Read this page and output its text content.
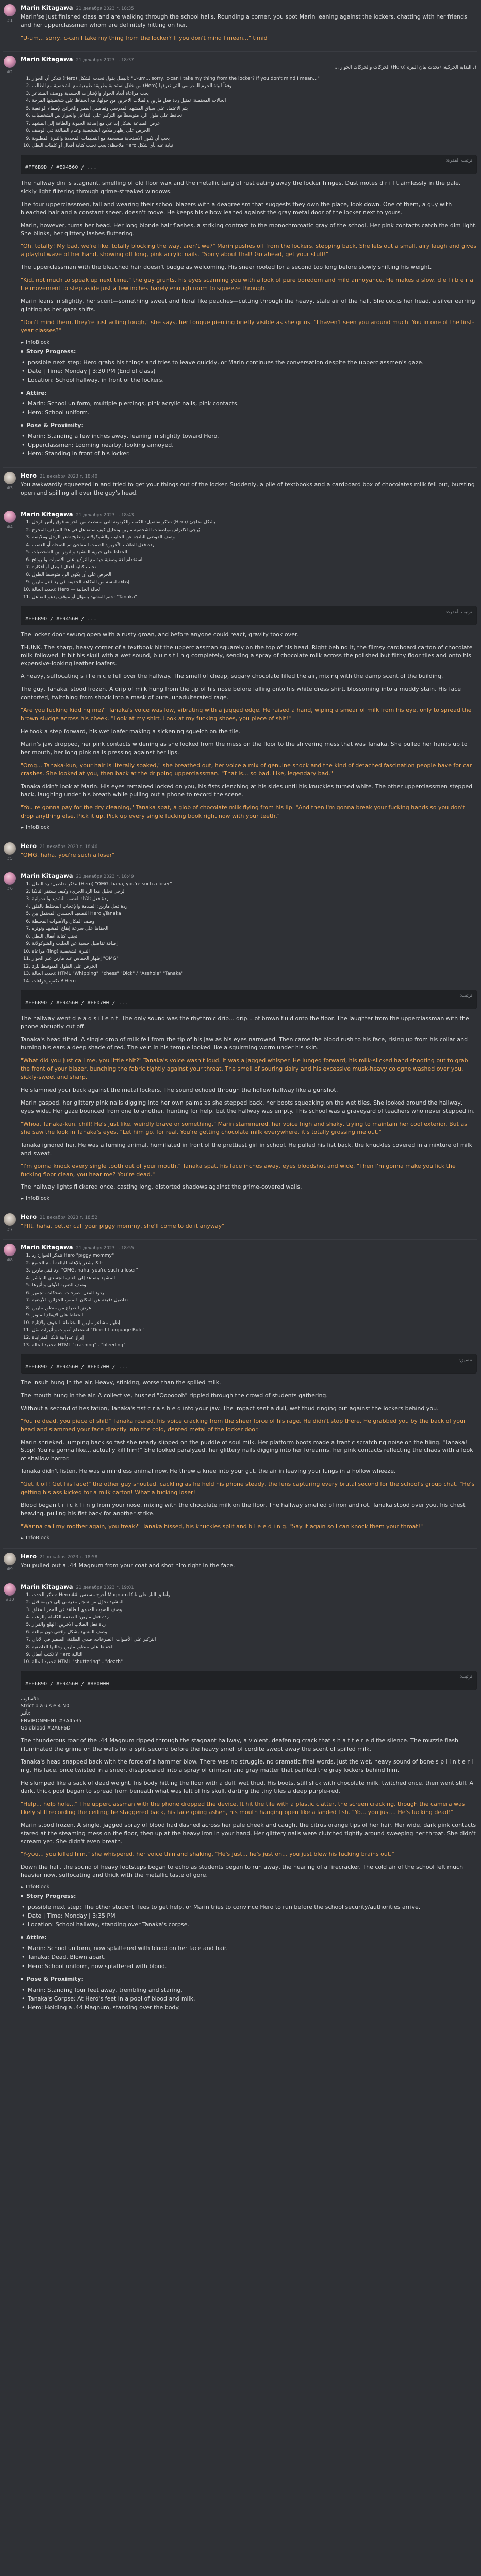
#1
Marin Kitagawa 21 декабря 2023 г. 18:35

Marin'se just finished class and are walking through the school halls. Rounding a corner, you spot Marin leaning against the lockers, chatting with her friends and her upperclassmen whom are definitely hitting on her.

"U-um... sorry, c-can I take my thing from the locker? If you don't mind I mean..." timid

#2
Marin Kitagawa 21 декабря 2023 г. 18:37

١. البداية الحركية: (تحدث بيان النبرة (Hero) الحركات والحركات الحوار ...

1. نتذكر أن الحوار (Hero) البطل يقول تحدث الشكل: "U-um... sorry, c-can I take my thing from the locker? If you don't mind I mean..."
2. من خلال استجابة بطريقة طبيعية مع الشخصية مع الطالب (Hero) وفقاً لبيئة الحرم المدرسي التي تعرفها
3. يجب مراعاة أبعاد الحوار والإشارات الجسدية ووصف المشاعر
4. الحالات المحتملة: تمثيل ردة فعل مارين والطلاب الآخرين من حولها، مع الحفاظ على شخصيتها المرحة
5. يتم الاعتماد على سياق المشهد المدرسي وتفاصيل الممر والخزائن لإضفاء الواقعية
6. نحافظ على طول الرد متوسطاً مع التركيز على التفاعل والحوار بين الشخصيات
7. عرض الصياغة بشكل إبداعي مع إضافة الحيوية والطاقة إلى المشهد
8. الحرص على إظهار ملامح الشخصية وعدم المبالغة في الوصف
9. يجب أن تكون الاستجابة منسجمة مع التعليمات المحددة والنبرة المطلوبة
10. ملاحظة: يجب تجنب كتابة أفعال أو كلمات البطل Hero نيابة عنه بأي شكل
ترتيب الفقرة:
#FF6B9D / #E94560 / ...

The hallway din is stagnant, smelling of old floor wax and the metallic tang of rust eating away the locker hinges. Dust motes d r i f t aimlessly in the pale, sickly light filtering through grime-streaked windows.

The four upperclassmen, tall and wearing their school blazers with a deagreeism that suggests they own the place, look down. One of them, a guy with bleached hair and a constant sneer, doesn't move. He keeps his elbow leaned against the gray metal door of the locker next to yours.

Marin, however, turns her head. Her long blonde hair flashes, a striking contrast to the monochromatic gray of the school. Her pink contacts catch the dim light. She blinks, her glittery lashes fluttering.

"Oh, totally! My bad, we're like, totally blocking the way, aren't we?" Marin pushes off from the lockers, stepping back. She lets out a small, airy laugh and gives a playful wave of her hand, showing off long, pink acrylic nails. "Sorry about that! Go ahead, get your stuff!"

The upperclassman with the bleached hair doesn't budge as welcoming. His sneer rooted for a second too long before slowly shifting his weight.

"Kid, not much to speak up next time," the guy grunts, his eyes scanning you with a look of pure boredom and mild annoyance. He makes a slow, d e l i b e r a t e movement to step aside just a few inches barely enough room to squeeze through.

Marin leans in slightly, her scent—something sweet and floral like peaches—cutting through the heavy, stale air of the hall. She cocks her head, a silver earring glinting as her gaze shifts.

"Don't mind them, they're just acting tough," she says, her tongue piercing briefly visible as she grins. "I haven't seen you around much. You in one of the first-year classes?"

► InfoBlock
Story Progress:
• possible next step: Hero grabs his things and tries to leave quickly, or Marin continues the conversation despite the upperclassmen's gaze.
• Date | Time: Monday | 3:30 PM (End of class)
• Location: School hallway, in front of the lockers.
Attire:
• Marin: School uniform, multiple piercings, pink acrylic nails, pink contacts.
• Hero: School uniform.
Pose & Proximity:
• Marin: Standing a few inches away, leaning in slightly toward Hero.
• Upperclassmen: Looming nearby, looking annoyed.
• Hero: Standing in front of his locker.
#3
Hero 21 декабря 2023 г. 18:40

You awkwardly squeezed in and tried to get your things out of the locker. Suddenly, a pile of textbooks and a cardboard box of chocolates milk fell out, bursting open and spilling all over the guy's head.

#4
Marin Kitagawa 21 декабря 2023 г. 18:43
1. نتذكر تفاصيل: الكتب والكرتونة التي سقطت من الخزانة فوق رأس الرجل (Hero) بشكل مفاجئ
2. يُرجى الالتزام بمواصفات الشخصية مارين وتحليل كيف ستتفاعل في هذا الموقف المحرج
3. وصف الفوضى الناتجة عن الحليب والشوكولاتة وتلطيخ شعر الرجل وملابسه
4. ردة فعل الطلاب الآخرين: الصمت المفاجئ ثم الضحك أو الغضب
5. الحفاظ على حيوية المشهد والتوتر بين الشخصيات
6. استخدام لغة وصفية حية مع التركيز على الأصوات والروائح
7. تجنب كتابة أفعال البطل أو أفكاره
8. الحرص على أن يكون الرد متوسط الطول
9. إضافة لمسة من الفكاهة الخفيفة في رد فعل مارين
10. تحديد الحالة: Hero — الحالة الحالية
11. ختم المشهد بسؤال أو موقف يدعو للتفاعل: "Tanaka"
ترتيب الفقرة:
#FF6B9D / #E94560 / ...

The locker door swung open with a rusty groan, and before anyone could react, gravity took over.

THUNK. The sharp, heavy corner of a textbook hit the upperclassman squarely on the top of his head. Right behind it, the flimsy cardboard carton of chocolate milk followed. It hit his skull with a wet sound, b u r s t i n g completely, sending a spray of chocolate milk across the polished but filthy floor tiles and onto his expensive-looking leather loafers.

A heavy, suffocating s i l e n c e fell over the hallway. The smell of cheap, sugary chocolate filled the air, mixing with the damp scent of the building.

The guy, Tanaka, stood frozen. A drip of milk hung from the tip of his nose before falling onto his white dress shirt, blossoming into a muddy stain. His face contorted, twitching from shock into a mask of pure, unadulterated rage.

"Are you fucking kidding me?" Tanaka's voice was low, vibrating with a jagged edge. He raised a hand, wiping a smear of milk from his eye, only to spread the brown sludge across his cheek. "Look at my shirt. Look at my fucking shoes, you piece of shit!"

He took a step forward, his wet loafer making a sickening squelch on the tile.

Marin's jaw dropped, her pink contacts widening as she looked from the mess on the floor to the shivering mess that was Tanaka. She pulled her hands up to her mouth, her long pink nails pressing against her lips.

"Omg... Tanaka-kun, your hair is literally soaked," she breathed out, her voice a mix of genuine shock and the kind of detached fascination people have for car crashes. She looked at you, then back at the dripping upperclassman. "That is... so bad. Like, legendary bad."

Tanaka didn't look at Marin. His eyes remained locked on you, his fists clenching at his sides until his knuckles turned white. The other upperclassmen stepped back, laughing under his breath while pulling out a phone to record the scene.

"You're gonna pay for the dry cleaning," Tanaka spat, a glob of chocolate milk flying from his lip. "And then I'm gonna break your fucking hands so you don't drop anything else. Pick it up. Pick up every single fucking book right now with your teeth."

► InfoBlock
#5
Hero 21 декабря 2023 г. 18:46

"OMG, haha, you're such a loser"

#6
Marin Kitagawa 21 декабря 2023 г. 18:49
1. نتذكر تفاصيل: رد البطل (Hero) "OMG, haha, you're such a loser"
2. يُرجى تحليل هذا الرد الجريء وكيف يستفز التانكا
3. ردة فعل تانكا: الغضب الشديد والعدوانية
4. ردة فعل مارين: الصدمة والإعجاب المختلط بالقلق
5. التصعيد الجسدي المحتمل بين Hero وTanaka
6. وصف المكان والأصوات المحيطة
7. الحفاظ على سرعة إيقاع المشهد وتوتره
8. تجنب كتابة أفعال البطل
9. إضافة تفاصيل حسية عن الحليب والشوكولاتة
10. مراعاة (ling) النبرة الشخصية
11. إظهار الحماس عند مارين عبر الحوار "OMG"
12. الحرص على الطول المتوسط للرد
13. تحديد الحالة: HTML "Whipping", "chess" "Dick" / "Asshole" "Tanaka"
14. لا تكتب إجراءات Hero
ترتيب:
#FF6B9D / #E94560 / #FFD700 / ...

The hallway went d e a d s i l e n t. The only sound was the rhythmic drip... drip... of brown fluid onto the floor. The laughter from the upperclassman with the phone abruptly cut off.

Tanaka's head tilted. A single drop of milk fell from the tip of his jaw as his eyes narrowed. Then came the blood rush to his face, rising up from his collar and turning his ears a deep shade of red. The vein in his temple looked like a squirming worm under his skin.

"What did you just call me, you little shit?" Tanaka's voice wasn't loud. It was a jagged whisper. He lunged forward, his milk-slicked hand shooting out to grab the front of your blazer, bunching the fabric tightly against your throat. The smell of souring dairy and his excessive musk-heavy cologne washed over you, sickly-sweet and sharp.

He slammed your back against the metal lockers. The sound echoed through the hollow hallway like a gunshot.

Marin gasped, her glittery pink nails digging into her own palms as she stepped back, her boots squeaking on the wet tiles. She looked around the hallway, eyes wide. Her gaze bounced from one to another, hunting for help, but the hallway was empty. This school was a graveyard of teachers who never stepped in.

"Whoa, Tanaka-kun, chill! He's just like, weirdly brave or something." Marin stammered, her voice high and shaky, trying to maintain her cool exterior. But as she saw the look in Tanaka's eyes, "Let him go, for real. You're getting chocolate milk everywhere, it's totally grossing me out."

Tanaka ignored her. He was a fuming animal, humiliated in front of the prettiest girl in school. He pulled his fist back, the knuckles covered in a mixture of milk and sweat.

"I'm gonna knock every single tooth out of your mouth," Tanaka spat, his face inches away, eyes bloodshot and wide. "Then I'm gonna make you lick the fucking floor clean, you hear me? You're dead."

The hallway lights flickered once, casting long, distorted shadows against the grime-covered walls.

► InfoBlock
#7
Hero 21 декабря 2023 г. 18:52

"Pfft, haha, better call your piggy mommy, she'll come to do it anyway"

#8
Marin Kitagawa 21 декабря 2023 г. 18:55
1. نتذكر الحوار: رد Hero "piggy mommy"
2. تانكا يشعر بالإهانة البالغة أمام الجميع
3. رد فعل مارين: "OMG, haha, you're such a loser"
4. المشهد يتصاعد إلى العنف الجسدي المباشر
5. وصف الضربة الأولى وتأثيرها
6. ردود الفعل: صرخات، ضحكات، تجمهر
7. تفاصيل دقيقة عن المكان: الممر، الخزائن، الأرضية
8. عرض الصراع من منظور مارين
9. الحفاظ على الإيقاع المتوتر
10. إظهار مشاعر مارين المختلطة: الخوف والإثارة
11. استخدام أصوات وتأثيرات مثل "Direct Language Rule"
12. إبراز عدوانية تانكا المتزايدة
13. تحديد الحالة: HTML "crashing" - "bleeding"
تنسيق:
#FF6B9D / #E94560 / #FFD700 / ...

The insult hung in the air. Heavy, stinking, worse than the spilled milk.

The mouth hung in the air. A collective, hushed "Ooooooh" rippled through the crowd of students gathering.

Without a second of hesitation, Tanaka's fist c r a s h e d into your jaw. The impact sent a dull, wet thud ringing out against the lockers behind you.

"You're dead, you piece of shit!" Tanaka roared, his voice cracking from the sheer force of his rage. He didn't stop there. He grabbed you by the back of your head and slammed your face directly into the cold, dented metal of the locker door.

Marin shrieked, jumping back so fast she nearly slipped on the puddle of soul milk. Her platform boots made a frantic scratching noise on the tiling. "Tanaka! Stop! You're gonna like... actually kill him!" She looked paralyzed, her glittery nails digging into her forearms, her pink contacts reflecting the chaos with a look of shallow horror.

Tanaka didn't listen. He was a mindless animal now. He threw a knee into your gut, the air in leaving your lungs in a hollow wheeze.

"Get it off! Get his face!" the other guy shouted, cackling as he held his phone steady, the lens capturing every brutal second for the school's group chat. "He's getting his ass kicked for a milk carton! What a fucking loser!"

Blood began t r i c k l i n g from your nose, mixing with the chocolate milk on the floor. The hallway smelled of iron and rot. Tanaka stood over you, his chest heaving, pulling his fist back for another strike.

"Wanna call my mother again, you freak?" Tanaka hissed, his knuckles split and b l e e d i n g. "Say it again so I can knock them your throat!"

► InfoBlock
#9
Hero 21 декабря 2023 г. 18:58

You pulled out a .44 Magnum from your coat and shot him right in the face.

#10
Marin Kitagawa 21 декабря 2023 г. 19:01
1. نتذكر الحدث: Hero أخرج مسدس .44 Magnum وأطلق النار على تانكا
2. المشهد تحوّل من شجار مدرسي إلى جريمة قتل
3. وصف الصوت المدوي للطلقة في الممر المغلق
4. ردة فعل مارين: الصدمة الكاملة والرعب
5. ردة فعل الطلاب الآخرين: الهلع والفرار
6. وصف المشهد بشكل واقعي دون مبالغة
7. التركيز على الأصوات: الصرخات، صدى الطلقة، الصفير في الآذان
8. الحفاظ على منظور مارين وحالتها العاطفية
9. لا تكتب أفعال Hero التالية
10. تحديد الحالة: HTML "shuttering" - "death"
ترتيب:
#FF6B9D / #E94560 / #8B0000
الأسلوب:
Strict p a u s e 4 N0
تأثير:
ENVIRONMENT #3A4535
Goldblood #2A6F6D

The thunderous roar of the .44 Magnum ripped through the stagnant hallway, a violent, deafening crack that s h a t t e r e d the silence. The muzzle flash illuminated the grime on the walls for a split second before the heavy smell of cordite swept away the scent of spilled milk.

Tanaka's head snapped back with the force of a hammer blow. There was no struggle, no dramatic final words. Just the wet, heavy sound of bone s p l i n t e r i n g. His face, once twisted in a sneer, disappeared into a spray of crimson and gray matter that painted the gray lockers behind him.

He slumped like a sack of dead weight, his body hitting the floor with a dull, wet thud. His boots, still slick with chocolate milk, twitched once, then went still. A dark, thick pool began to spread from beneath what was left of his skull, darting the tiny tiles a deep purple-red.

"Help... help hole..." The upperclassman with the phone dropped the device. It hit the tile with a plastic clatter, the screen cracking, though the camera was likely still recording the ceiling; he staggered back, his face going ashen, his mouth hanging open like a landed fish. "Yo... you just... He's fucking dead!"

Marin stood frozen. A single, jagged spray of blood had dashed across her pale cheek and caught the citrus orange tips of her hair. Her wide, dark pink contacts stared at the steaming mess on the floor, then up at the heavy iron in your hand. Her glittery nails were clutched tightly around sweeping her throat. She didn't scream yet. She didn't even breath.

"Y-you... you killed him," she whispered, her voice thin and shaking. "He's just... he's just on... you just blew his fucking brains out."

Down the hall, the sound of heavy footsteps began to echo as students began to run away, the hearing of a firecracker. The cold air of the school felt much heavier now, suffocating and thick with the metallic taste of gore.

► InfoBlock
Story Progress:
• possible next step: The other student flees to get help, or Marin tries to convince Hero to run before the school security/authorities arrive.
• Date | Time: Monday | 3:35 PM
• Location: School hallway, standing over Tanaka's corpse.
Attire:
• Marin: School uniform, now splattered with blood on her face and hair.
• Tanaka: Dead. Blown apart.
• Hero: School uniform, now splattered with blood.
Pose & Proximity:
• Marin: Standing four feet away, trembling and staring.
• Tanaka's Corpse: At Hero's feet in a pool of blood and milk.
• Hero: Holding a .44 Magnum, standing over the body.
